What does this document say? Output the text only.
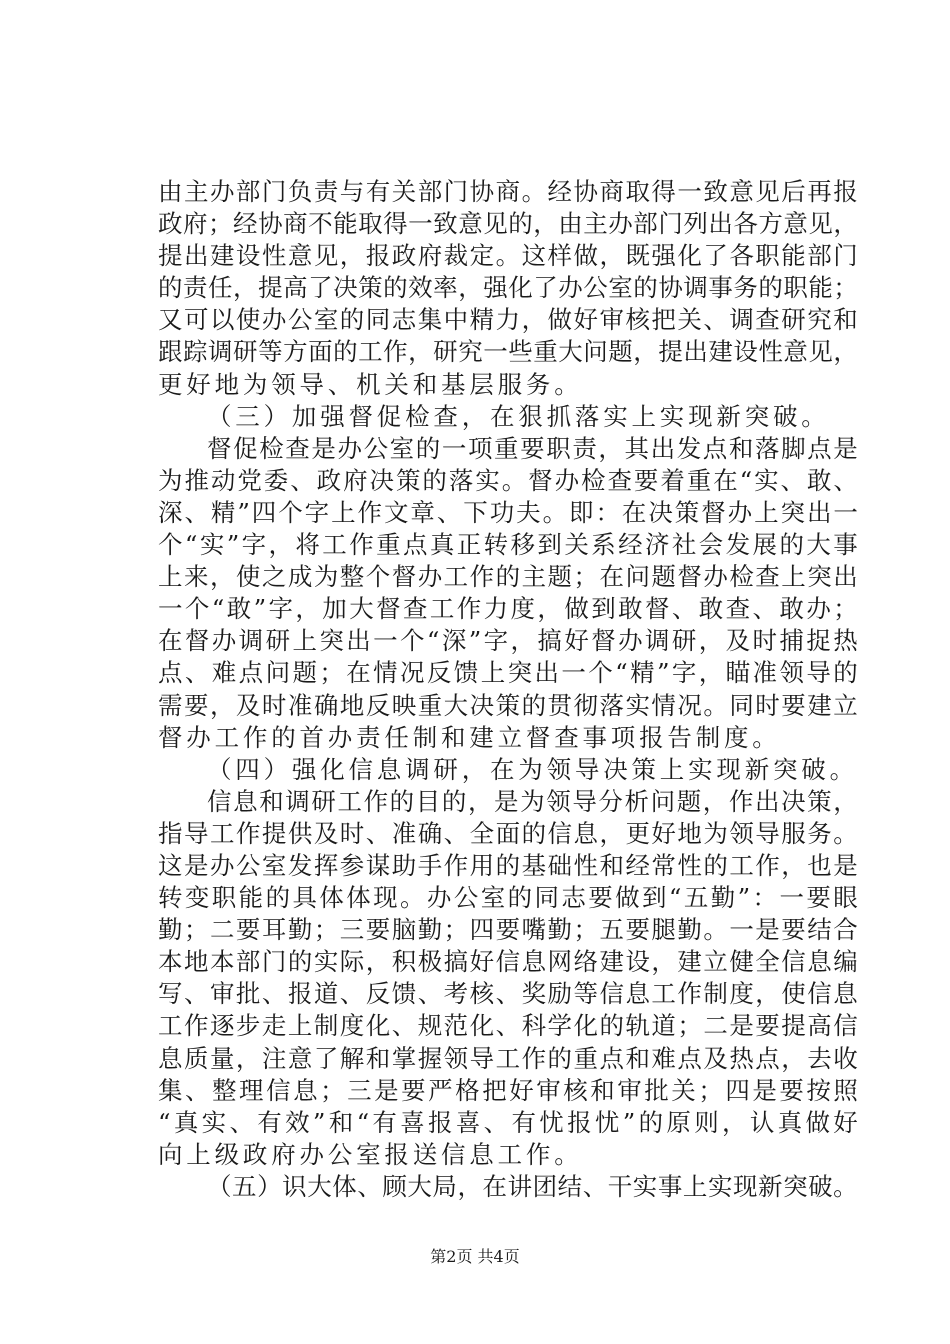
由 主 办 部 门 负 责 与 有 关 部 门 协 商 。 经 协 商 取 得 一 致 意 见 后 再 报
政 府 ； 经 协 商 不 能 取 得 一 致 意 见 的 ， 由 主 办 部 门 列 出 各 方 意 见 ，
提 出 建 设 性 意 见 ， 报 政 府 裁 定 。 这 样 做 ， 既 强 化 了 各 职 能 部 门
的 责 任 ， 提 高 了 决 策 的 效 率 ， 强 化 了 办 公 室 的 协 调 事 务 的 职 能 ；
又 可 以 使 办 公 室 的 同 志 集 中 精 力 ， 做 好 审 核 把 关 、 调 查 研 究 和
跟 踪 调 研 等 方 面 的 工 作 ， 研 究 一 些 重 大 问 题 ， 提 出 建 设 性 意 见 ，
更好地为领导、机关和基层服务。
（三）加强督促检查，在狠抓落实上实现新突破。
督 促 检 查 是 办 公 室 的 一 项 重 要 职 责 ， 其 出 发 点 和 落 脚 点 是
为 推 动 党 委 、 政 府 决 策 的 落 实 。 督 办 检 查 要 着 重 在 “ 实 、 敢 、
深 、 精 ” 四 个 字 上 作 文 章 、 下 功 夫 。 即 ： 在 决 策 督 办 上 突 出 一
个 “ 实 ” 字 ， 将 工 作 重 点 真 正 转 移 到 关 系 经 济 社 会 发 展 的 大 事
上 来 ， 使 之 成 为 整 个 督 办 工 作 的 主 题 ； 在 问 题 督 办 检 查 上 突 出
一 个 “ 敢 ” 字 ， 加 大 督 查 工 作 力 度 ， 做 到 敢 督 、 敢 查 、 敢 办 ；
在 督 办 调 研 上 突 出 一 个 “ 深 ” 字 ， 搞 好 督 办 调 研 ， 及 时 捕 捉 热
点 、 难 点 问 题 ； 在 情 况 反 馈 上 突 出 一 个 “ 精 ” 字 ， 瞄 准 领 导 的
需 要 ， 及 时 准 确 地 反 映 重 大 决 策 的 贯 彻 落 实 情 况 。 同 时 要 建 立
督办工作的首办责任制和建立督查事项报告制度。
（四）强化信息调研，在为领导决策上实现新突破。
信 息 和 调 研 工 作 的 目 的 ， 是 为 领 导 分 析 问 题 ， 作 出 决 策 ，
指 导 工 作 提 供 及 时 、 准 确 、 全 面 的 信 息 ， 更 好 地 为 领 导 服 务 。
这 是 办 公 室 发 挥 参 谋 助 手 作 用 的 基 础 性 和 经 常 性 的 工 作 ， 也 是
转 变 职 能 的 具 体 体 现 。 办 公 室 的 同 志 要 做 到 “ 五 勤 ” ： 一 要 眼
勤 ； 二 要 耳 勤 ； 三 要 脑 勤 ； 四 要 嘴 勤 ； 五 要 腿 勤 。 一 是 要 结 合
本 地 本 部 门 的 实 际 ， 积 极 搞 好 信 息 网 络 建 设 ， 建 立 健 全 信 息 编
写 、 审 批 、 报 道 、 反 馈 、 考 核 、 奖 励 等 信 息 工 作 制 度 ， 使 信 息
工 作 逐 步 走 上 制 度 化 、 规 范 化 、 科 学 化 的 轨 道 ； 二 是 要 提 高 信
息 质 量 ， 注 意 了 解 和 掌 握 领 导 工 作 的 重 点 和 难 点 及 热 点 ， 去 收
集 、 整 理 信 息 ； 三 是 要 严 格 把 好 审 核 和 审 批 关 ； 四 是 要 按 照
“ 真 实 、 有 效 ” 和 “ 有 喜 报 喜 、 有 忧 报 忧 ” 的 原 则 ， 认 真 做 好
向上级政府办公室报送信息工作。
（ 五 ） 识 大 体 、 顾 大 局 ， 在 讲 团 结 、 干 实 事 上 实 现 新 突 破 。
第2页 共4页
